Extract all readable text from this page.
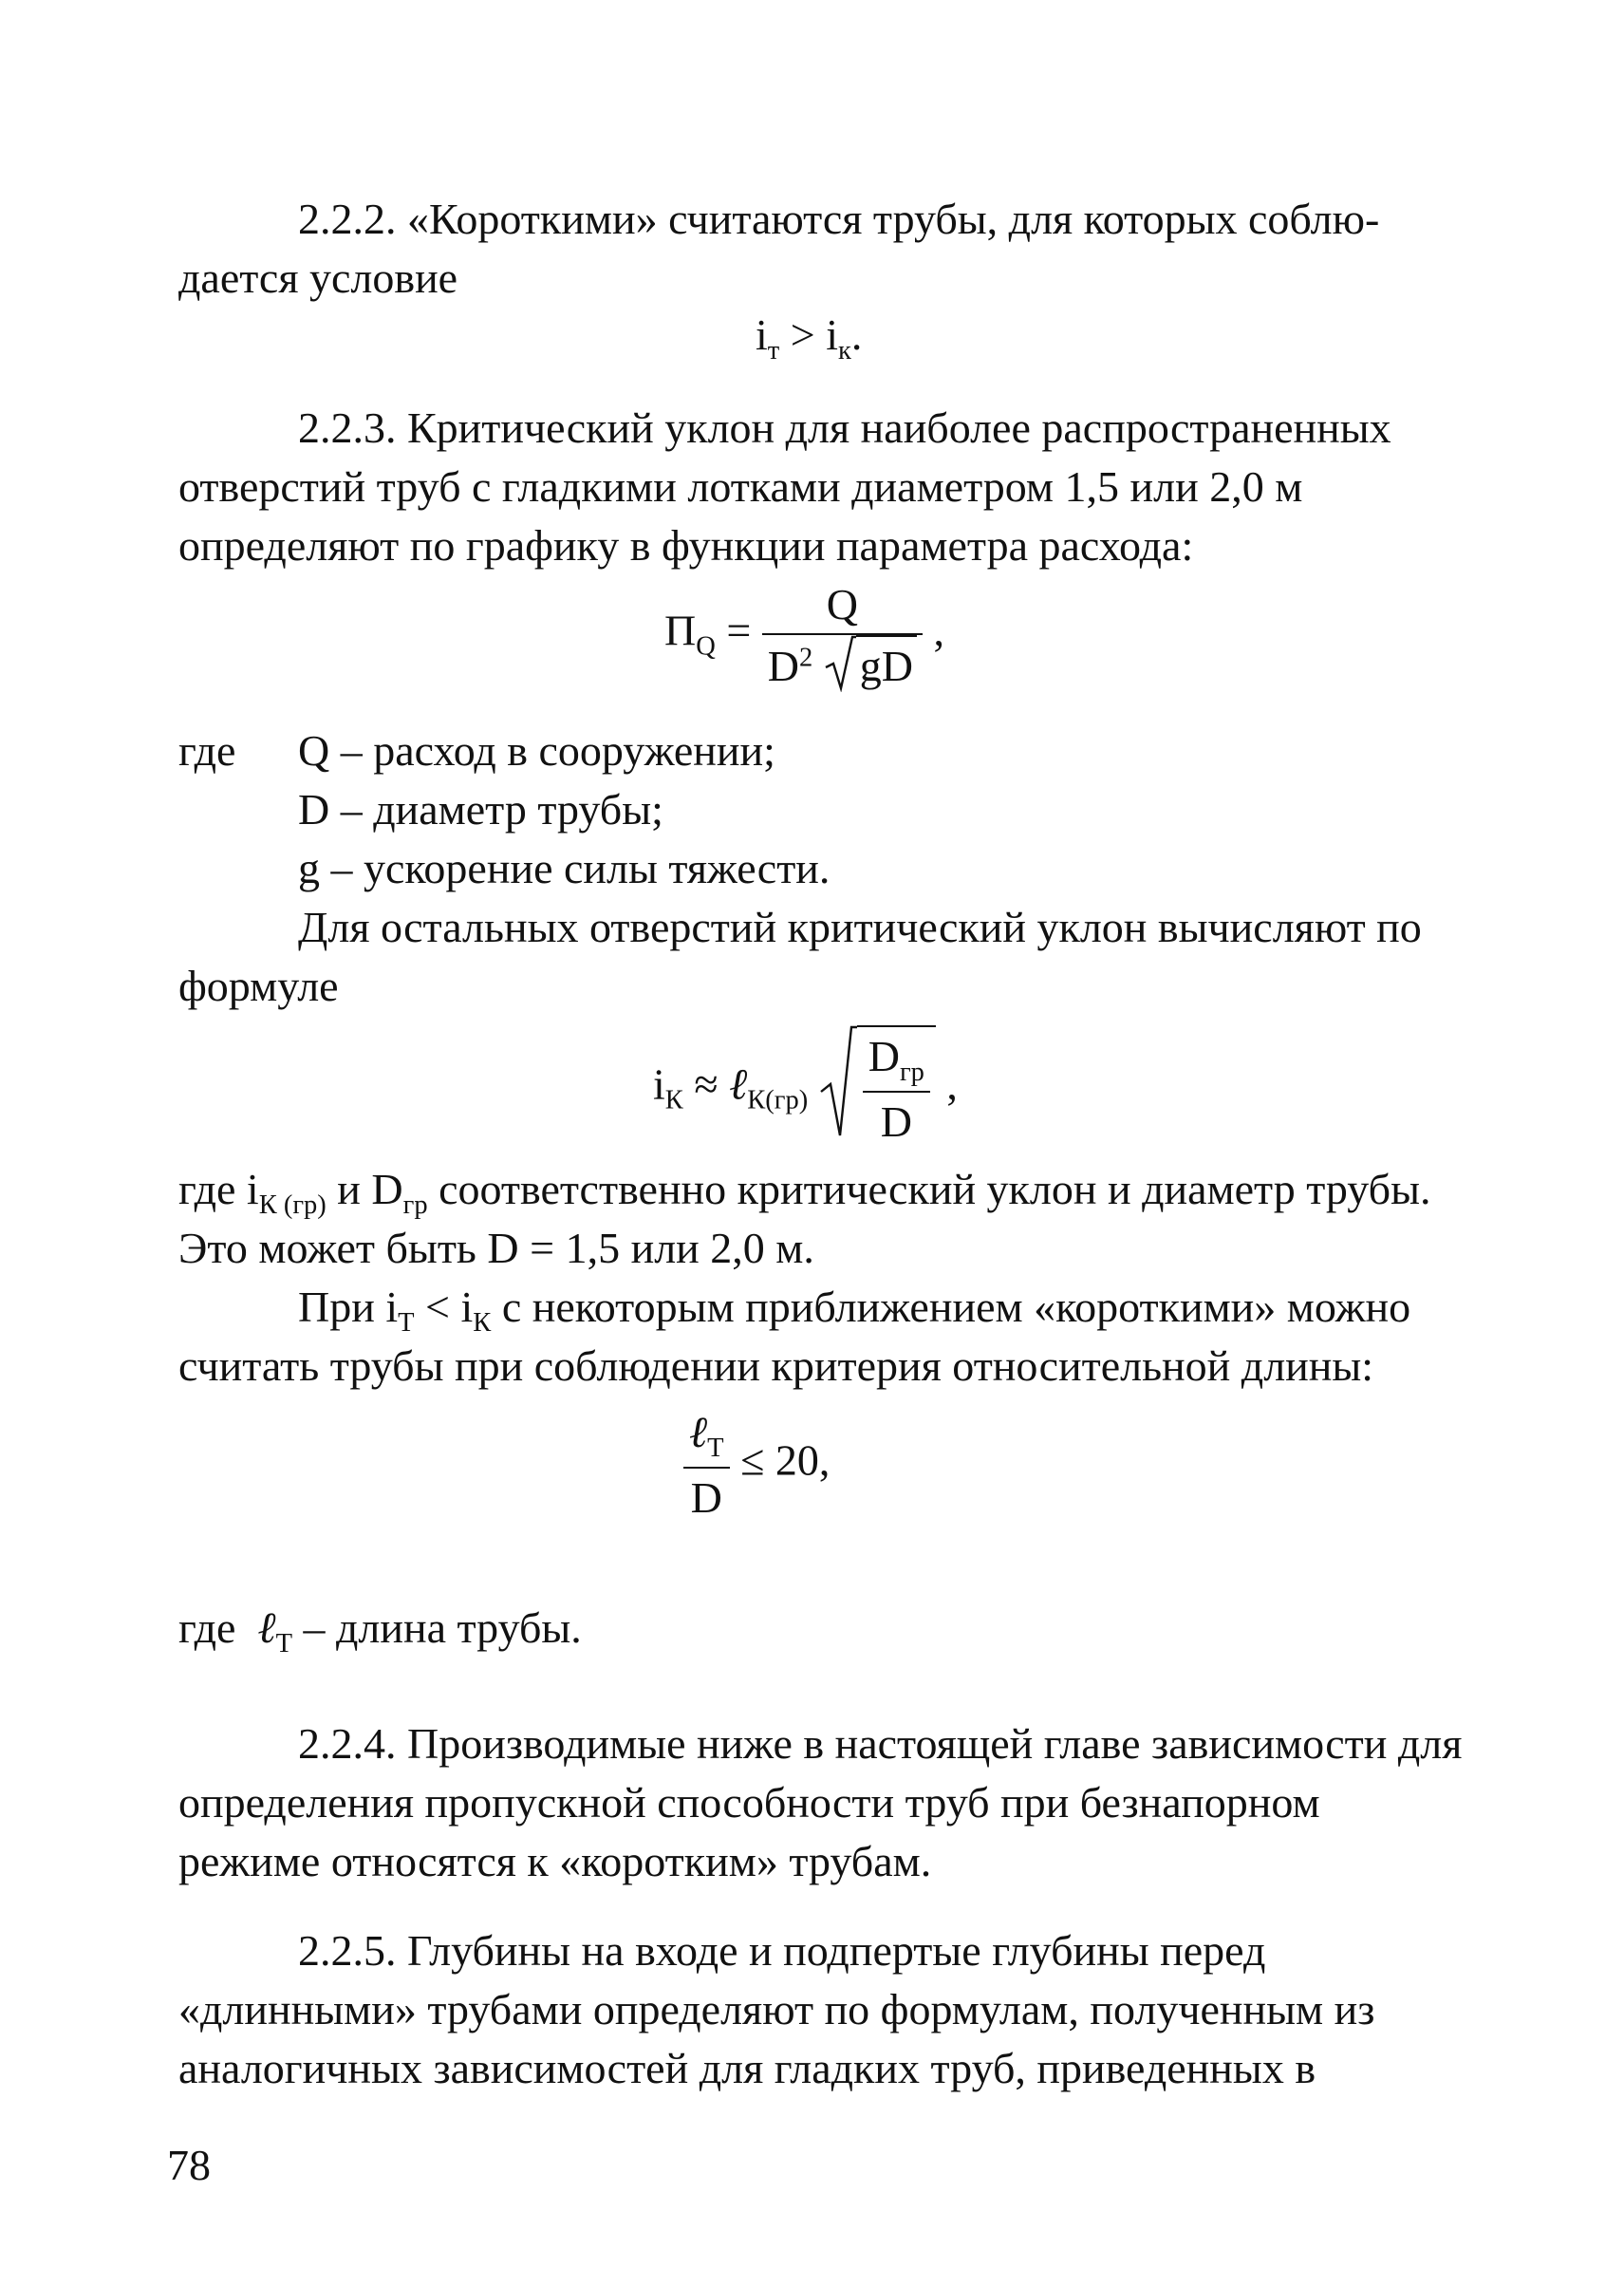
2.2.2. «Короткими» считаются трубы, для которых соблю-
дается условие
$i_т > i_к$.
2.2.3. Критический уклон для наиболее распространенных
отверстий труб с гладкими лотками диаметром 1,5 или 2,0 м
определяют по графику в функции параметра расхода:
$П_Q = \frac{Q}{D^2 gD}$ ,
где Q – расход в сооружении;
D – диаметр трубы;
g – ускорение силы тяжести.
Для остальных отверстий критический уклон вычисляют по
формуле
$i_К$ ≈ ℓ$_{К(гр)}$ $\frac{D_{гр}}{D}$ ,
где $i_{К (гр)}$ и $D_{гр}$ соответственно критический уклон и диаметр трубы.
Это может быть D = 1,5 или 2,0 м.
При $i_Т < i_К$ с некоторым приближением «короткими» можно
считать трубы при соблюдении критерия относительной длины:
$\frac{\ell_Т}{D} \le 20$,
где ℓ$_Т$ – длина трубы.
2.2.4. Производимые ниже в настоящей главе зависимости для
определения пропускной способности труб при безнапорном
режиме относятся к «коротким» трубам.
2.2.5. Глубины на входе и подпертые глубины перед
«длинными» трубами определяют по формулам, полученным из
аналогичных зависимостей для гладких труб, приведенных в
78
